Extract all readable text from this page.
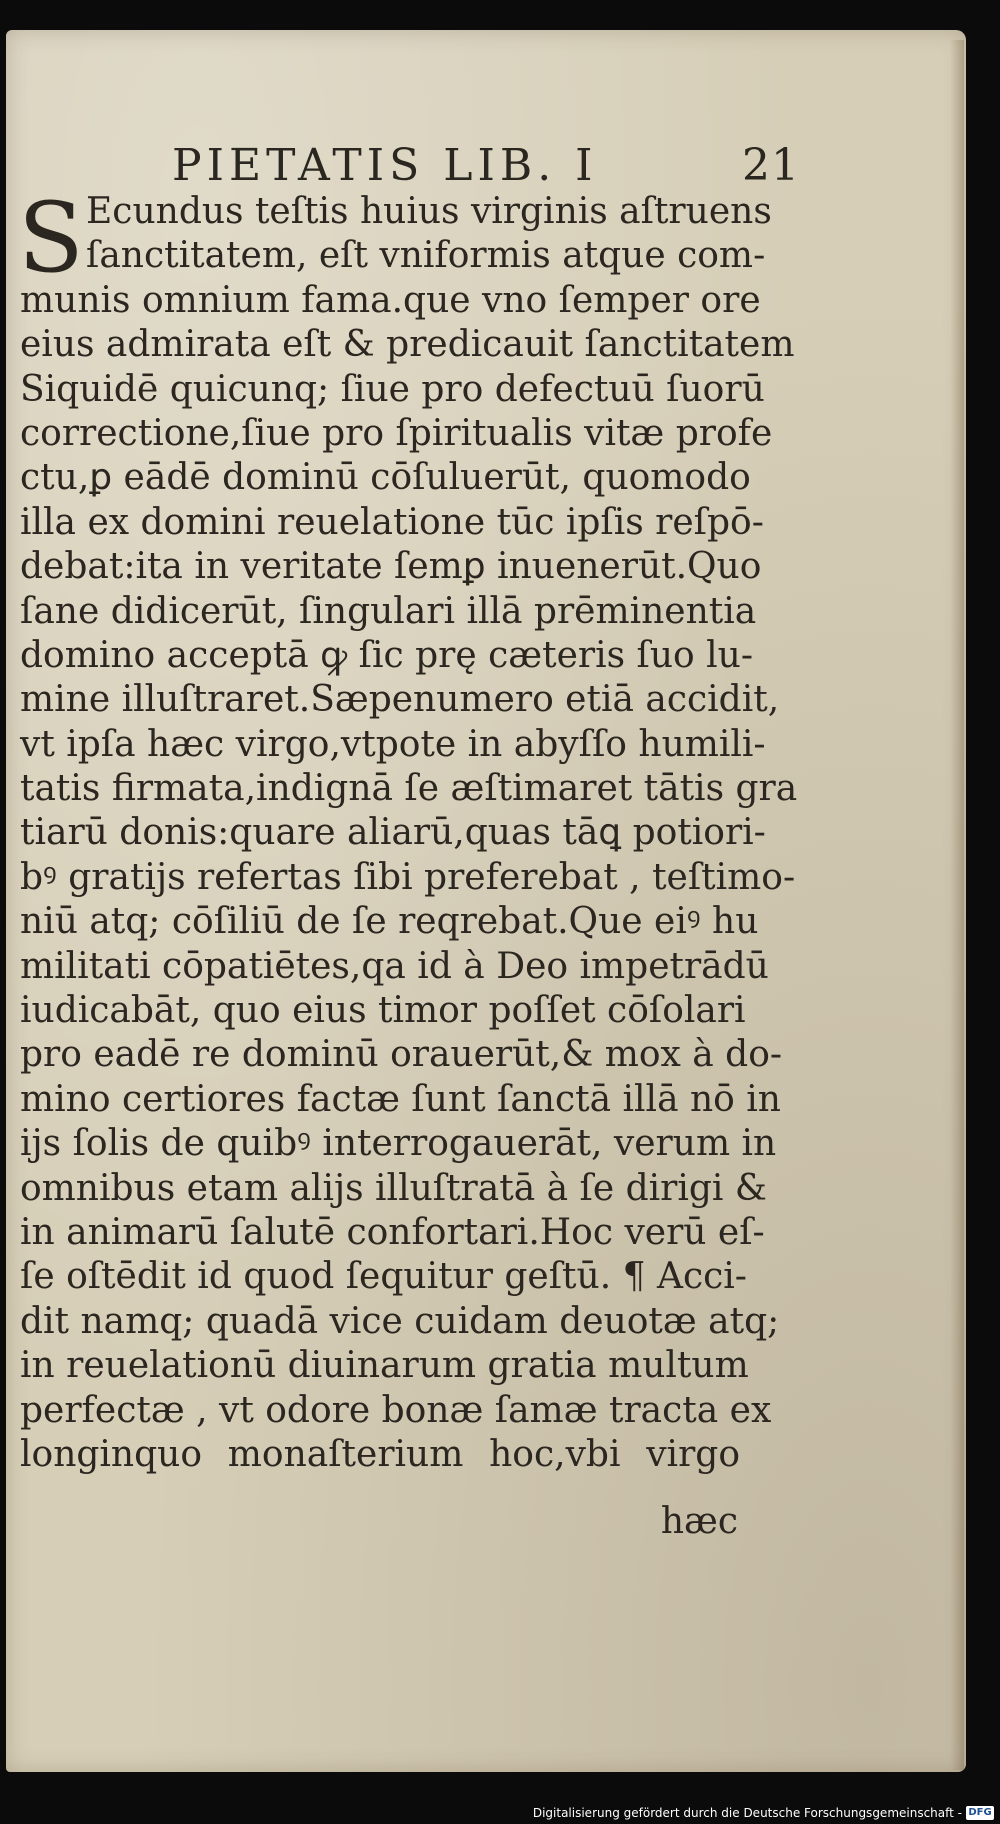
PIETATIS LIB. I	21
S Ecundus teſtis huius virginis aſtruens
ſanctitatem, eſt vniformis atque com-
munis omnium fama.que vno ſemper ore
eius admirata eſt & predicauit ſanctitatem
Siquidē quicunq; ſiue pro defectuū ſuorū
correctione,ſiue pro ſpiritualis vitæ profe
ctu,ꝑ eādē dominū cōſuluerūt, quomodo
illa ex domini reuelatione tūc ipſis reſpō-
debat:ita in veritate ſemꝑ inuenerūt.Quo
ſane didicerūt, ſingulari illā prēminentia
domino acceptā ꝙ ſic prę cæteris ſuo lu-
mine illuſtraret.Sæpenumero etiā accidit,
vt ipſa hæc virgo,vtpote in abyſſo humili-
tatis firmata,indignā ſe æſtimaret tātis gra
tiarū donis:quare aliarū,quas tāꝗ potiori-
bꝰ gratijs refertas ſibi preferebat , teſtimo-
niū atq; cōſiliū de ſe reqrebat.Que eiꝰ hu
militati cōpatiētes,qa id à Deo impetrādū
iudicabāt, quo eius timor poſſet cōſolari
pro eadē re dominū orauerūt,& mox à do-
mino certiores factæ ſunt ſanctā illā nō in
ijs ſolis de quibꝰ interrogauerāt, verum in
omnibus etam alijs illuſtratā à ſe dirigi &
in animarū ſalutē confortari.Hoc verū eſ-
ſe oſtēdit id quod ſequitur geſtū. ¶ Acci-
dit namq; quadā vice cuidam deuotæ atq;
in reuelationū diuinarum gratia multum
perfectæ , vt odore bonæ ſamæ tracta ex
longinquo monaſterium hoc,vbi virgo
hæc
Digitalisierung gefördert durch die Deutsche Forschungsgemeinschaft - DFG
